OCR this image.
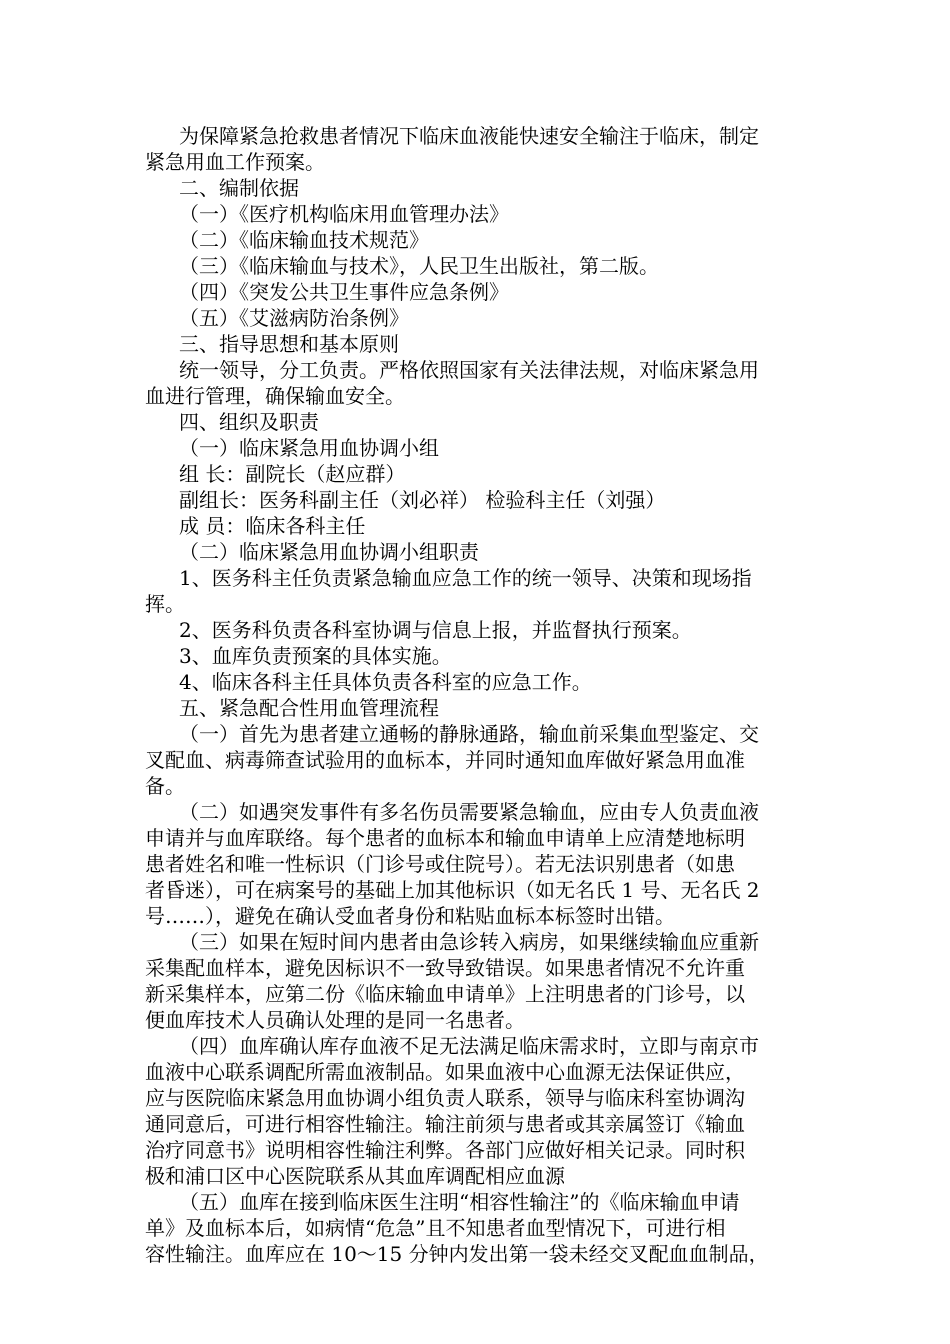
为保障紧急抢救患者情况下临床血液能快速安全输注于临床，制定

紧急用血工作预案。

二、编制依据

（一）《医疗机构临床用血管理办法》

（二）《临床输血技术规范》

（三）《临床输血与技术》，人民卫生出版社，第二版。

（四）《突发公共卫生事件应急条例》

（五）《艾滋病防治条例》

三、指导思想和基本原则

统一领导，分工负责。严格依照国家有关法律法规，对临床紧急用

血进行管理，确保输血安全。

四、组织及职责

（一）临床紧急用血协调小组

组 长：副院长（赵应群）

副组长：医务科副主任（刘必祥） 检验科主任（刘强）

成 员：临床各科主任

（二）临床紧急用血协调小组职责

1、医务科主任负责紧急输血应急工作的统一领导、决策和现场指

挥。

2、医务科负责各科室协调与信息上报，并监督执行预案。

3、血库负责预案的具体实施。

4、临床各科主任具体负责各科室的应急工作。

五、紧急配合性用血管理流程

（一）首先为患者建立通畅的静脉通路，输血前采集血型鉴定、交

叉配血、病毒筛查试验用的血标本，并同时通知血库做好紧急用血准

备。

（二）如遇突发事件有多名伤员需要紧急输血，应由专人负责血液

申请并与血库联络。每个患者的血标本和输血申请单上应清楚地标明

患者姓名和唯一性标识（门诊号或住院号）。若无法识别患者（如患

者昏迷），可在病案号的基础上加其他标识（如无名氏 1 号、无名氏 2

号……），避免在确认受血者身份和粘贴血标本标签时出错。

（三）如果在短时间内患者由急诊转入病房，如果继续输血应重新

采集配血样本，避免因标识不一致导致错误。如果患者情况不允许重

新采集样本，应第二份《临床输血申请单》上注明患者的门诊号，以

便血库技术人员确认处理的是同一名患者。

（四）血库确认库存血液不足无法满足临床需求时，立即与南京市

血液中心联系调配所需血液制品。如果血液中心血源无法保证供应，

应与医院临床紧急用血协调小组负责人联系，领导与临床科室协调沟

通同意后，可进行相容性输注。输注前须与患者或其亲属签订《输血

治疗同意书》说明相容性输注利弊。各部门应做好相关记录。同时积

极和浦口区中心医院联系从其血库调配相应血源

（五）血库在接到临床医生注明“相容性输注”的《临床输血申请

单》及血标本后，如病情“危急”且不知患者血型情况下，可进行相

容性输注。血库应在 10～15 分钟内发出第一袋未经交叉配血血制品，
